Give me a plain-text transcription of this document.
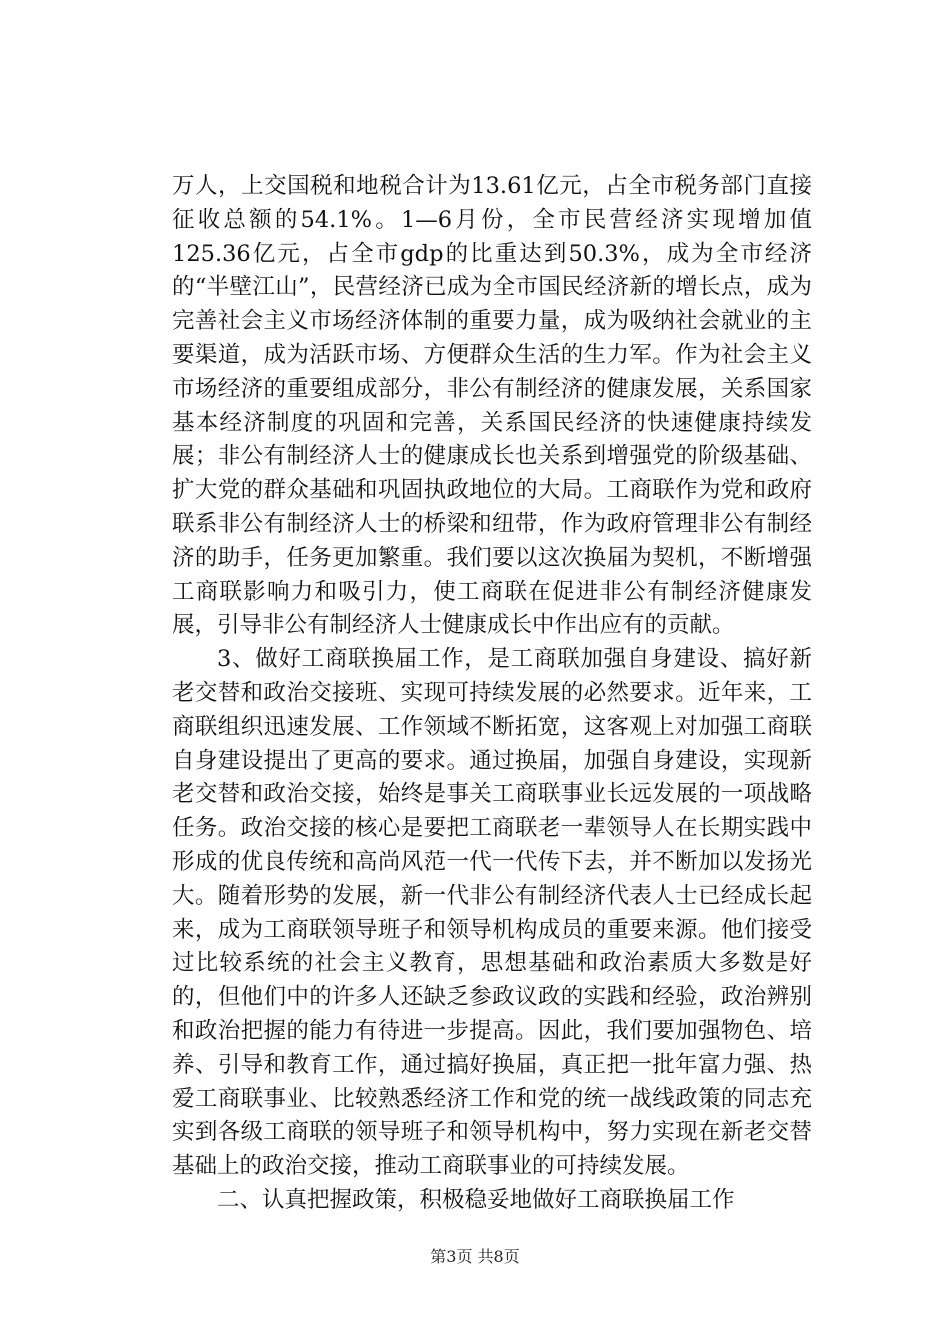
万人，上交国税和地税合计为13.61亿元，占全市税务部门直接征收总额的54.1%。1—6月份，全市民营经济实现增加值125.36亿元，占全市gdp的比重达到50.3%，成为全市经济的“半壁江山”，民营经济已成为全市国民经济新的增长点，成为完善社会主义市场经济体制的重要力量，成为吸纳社会就业的主要渠道，成为活跃市场、方便群众生活的生力军。作为社会主义市场经济的重要组成部分，非公有制经济的健康发展，关系国家基本经济制度的巩固和完善，关系国民经济的快速健康持续发展；非公有制经济人士的健康成长也关系到增强党的阶级基础、扩大党的群众基础和巩固执政地位的大局。工商联作为党和政府联系非公有制经济人士的桥梁和纽带，作为政府管理非公有制经济的助手，任务更加繁重。我们要以这次换届为契机，不断增强工商联影响力和吸引力，使工商联在促进非公有制经济健康发展，引导非公有制经济人士健康成长中作出应有的贡献。

3、做好工商联换届工作，是工商联加强自身建设、搞好新老交替和政治交接班、实现可持续发展的必然要求。近年来，工商联组织迅速发展、工作领域不断拓宽，这客观上对加强工商联自身建设提出了更高的要求。通过换届，加强自身建设，实现新老交替和政治交接，始终是事关工商联事业长远发展的一项战略任务。政治交接的核心是要把工商联老一辈领导人在长期实践中形成的优良传统和高尚风范一代一代传下去，并不断加以发扬光大。随着形势的发展，新一代非公有制经济代表人士已经成长起来，成为工商联领导班子和领导机构成员的重要来源。他们接受过比较系统的社会主义教育，思想基础和政治素质大多数是好的，但他们中的许多人还缺乏参政议政的实践和经验，政治辨别和政治把握的能力有待进一步提高。因此，我们要加强物色、培养、引导和教育工作，通过搞好换届，真正把一批年富力强、热爱工商联事业、比较熟悉经济工作和党的统一战线政策的同志充实到各级工商联的领导班子和领导机构中，努力实现在新老交替基础上的政治交接，推动工商联事业的可持续发展。

二、认真把握政策，积极稳妥地做好工商联换届工作

第3页 共8页
